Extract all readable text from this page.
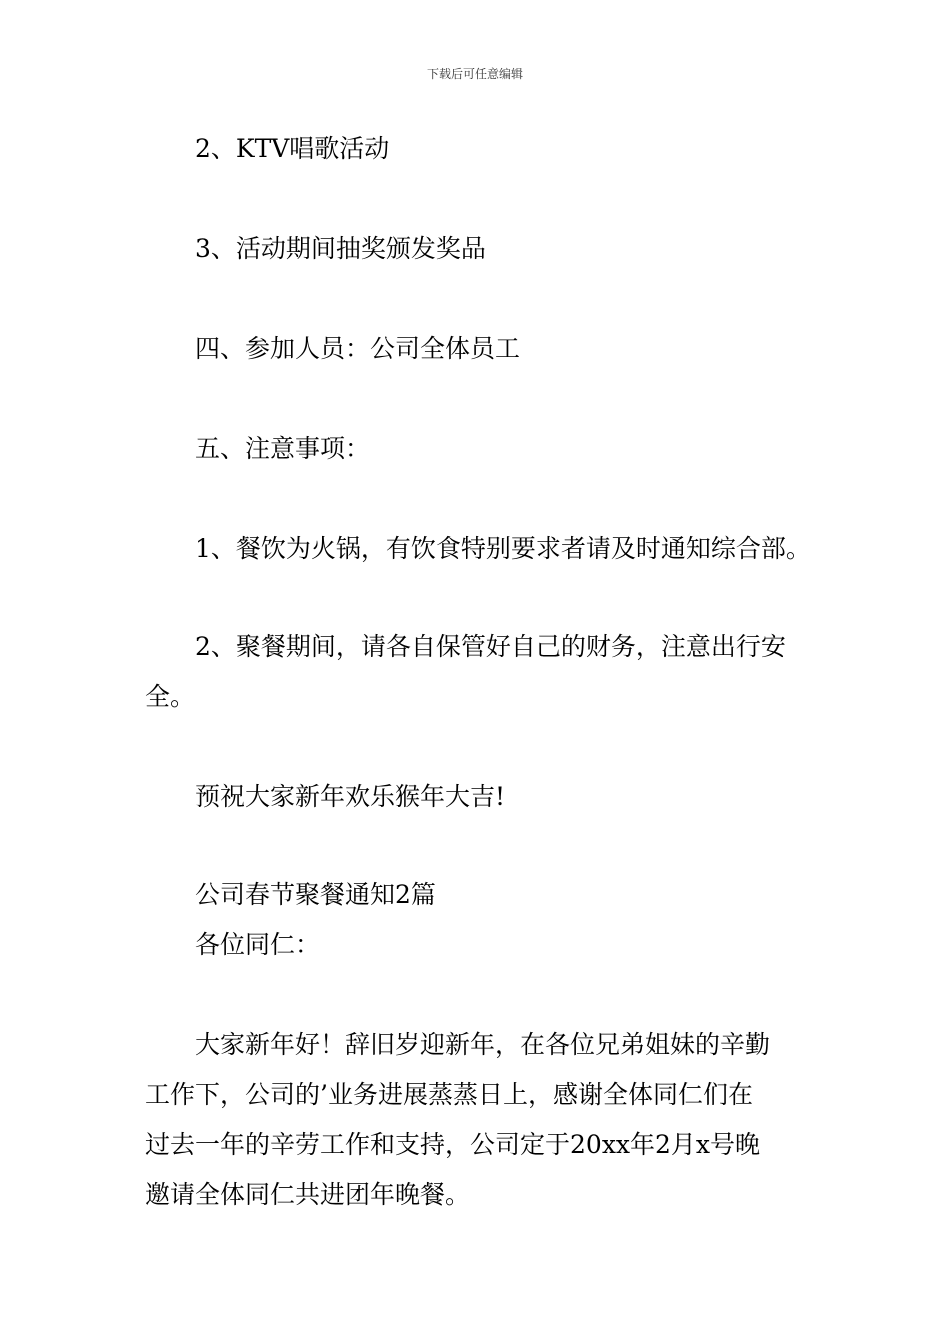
下载后可任意编辑
2、KTV唱歌活动
3、活动期间抽奖颁发奖品
四、参加人员：公司全体员工
五、注意事项：
1、餐饮为火锅，有饮食特别要求者请及时通知综合部。
2、聚餐期间，请各自保管好自己的财务，注意出行安
全。
预祝大家新年欢乐猴年大吉!
公司春节聚餐通知2篇
各位同仁：
大家新年好！辞旧岁迎新年，在各位兄弟姐妹的辛勤
工作下，公司的’业务进展蒸蒸日上，感谢全体同仁们在
过去一年的辛劳工作和支持，公司定于20xx年2月x号晚
邀请全体同仁共进团年晚餐。
